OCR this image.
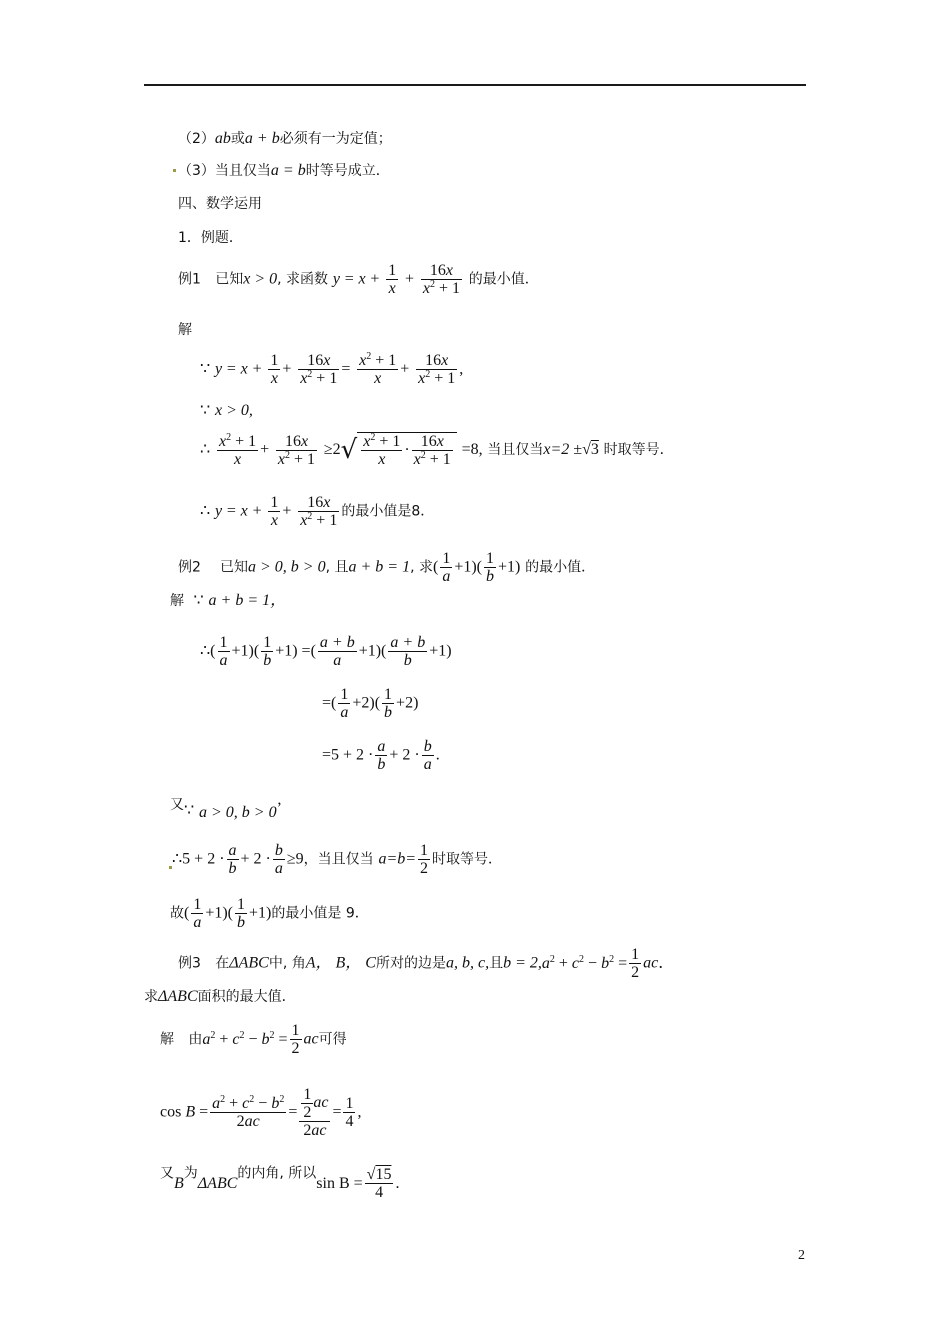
（2）ab或a + b必须有一为定值；
（3）当且仅当a = b时等号成立．
四、数学运用
1．例题．
例1 已知x > 0, 求函数 $y = x + \frac{1}{x} + \frac{16x}{x^2 + 1}$ 的最小值．
解
∵ $y = x + \frac{1}{x} + \frac{16x}{x^2 + 1} = \frac{x^2 + 1}{x} + \frac{16x}{x^2 + 1}$ ,
∵ x > 0,
∴ $\frac{x^2 + 1}{x} + \frac{16x}{x^2 + 1} \ge 2√ \frac{x^2 + 1}{x} \cdot \frac{16x}{x^2 + 1} =8$, 当且仅当x=2 ±√3 时取等号．
∴ $y = x + \frac{1}{x} + \frac{16x}{x^2 + 1}$ 的最小值是8．
例2 已知a > 0, b > 0, 且a + b = 1, 求( $\frac{1}{a} +1)( \frac{1}{b} +1)$ 的最小值．
解 ∵ a + b = 1，
∴( $\frac{1}{a} +1)( \frac{1}{b} +1)$ =( $\frac{a + b}{a} +1)( \frac{a + b}{b} +1)$
=( $\frac{1}{a} +2)( \frac{1}{b} +2)$
$=5 + 2 \cdot \frac{a}{b} + 2 \cdot \frac{b}{a}$ .
又∵ a > 0, b > 0’
∴5 + $2 \cdot \frac{a}{b} + 2 \cdot \frac{b}{a} \ge 9$，当且仅当 $a=b= \frac{1}{2}$ 时取等号．
故( $\frac{1}{a} +1)( \frac{1}{b} +1)$的最小值是 9．
例3 在ΔABC中, 角A， B， C所对的边是a, b, c,且$b = 2,a^2 + c^2 - b^2 = \frac{1}{2}$ ac．
求ΔABC面积的最大值．
解 由$a^2 + c^2 - b^2 = \frac{1}{2}$ ac可得
$\cos B = \frac{a^2 + c^2 - b^2}{2ac} = \frac{\frac{1}{2} ac}{2ac} = \frac{1}{4}$ ,
又B为ΔABC的内角, 所以$\sin B = \frac{√15}{4}$ .
2
